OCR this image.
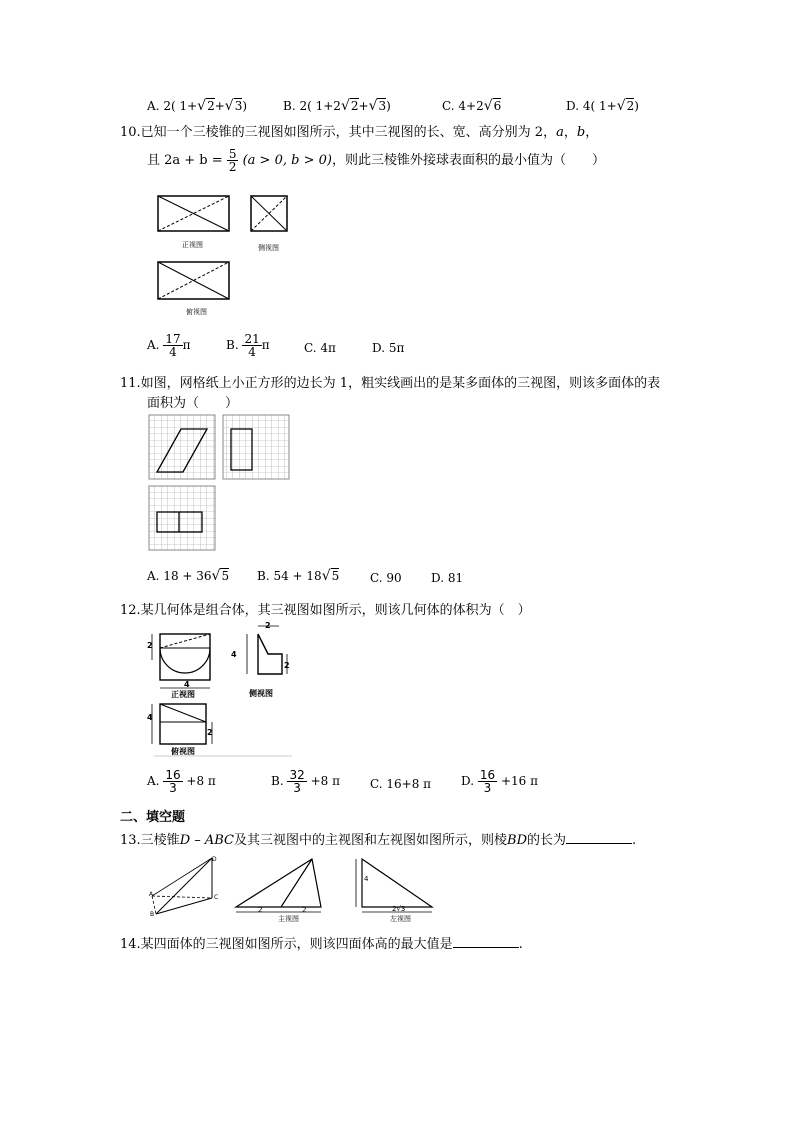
A. 2( 1+√2+√3)	B. 2( 1+2√2+√3)	C. 4+2√6	D. 4( 1+√2)
10.已知一个三棱锥的三视图如图所示，其中三视图的长、宽、高分别为 2，a，b，
且 $2a + b = \frac{5}{2} (a > 0$, b > 0)，则此三棱锥外接球表面积的最小值为（　　）
正视图	侧视图
俯视图
A. $\frac{17}{4}$ π	B. $\frac{21}{4}$ π	C. 4π	D. 5π
11.如图，网格纸上小正方形的边长为 1，粗实线画出的是某多面体的三视图，则该多面体的表
面积为（　　）
A. 18 + 36√5 B. 54 + 18√5	C. 90 D. 81
12.某几何体是组合体，其三视图如图所示，则该几何体的体积为（　）
2
4
正视图
2
4
2
侧视图
4
2
俯视图
A. $\frac{16}{3} +8$ π	B. $\frac{32}{3} +8$ π	C. 16+8 π D. $\frac{16}{3} +16$ π
二、填空题
13.三棱锥D – ABC及其三视图中的主视图和左视图如图所示，则棱BD的长为	.
D
C
A
B
2	2
主视图
4
2√3
左视图
14.某四面体的三视图如图所示，则该四面体高的最大值是	.
